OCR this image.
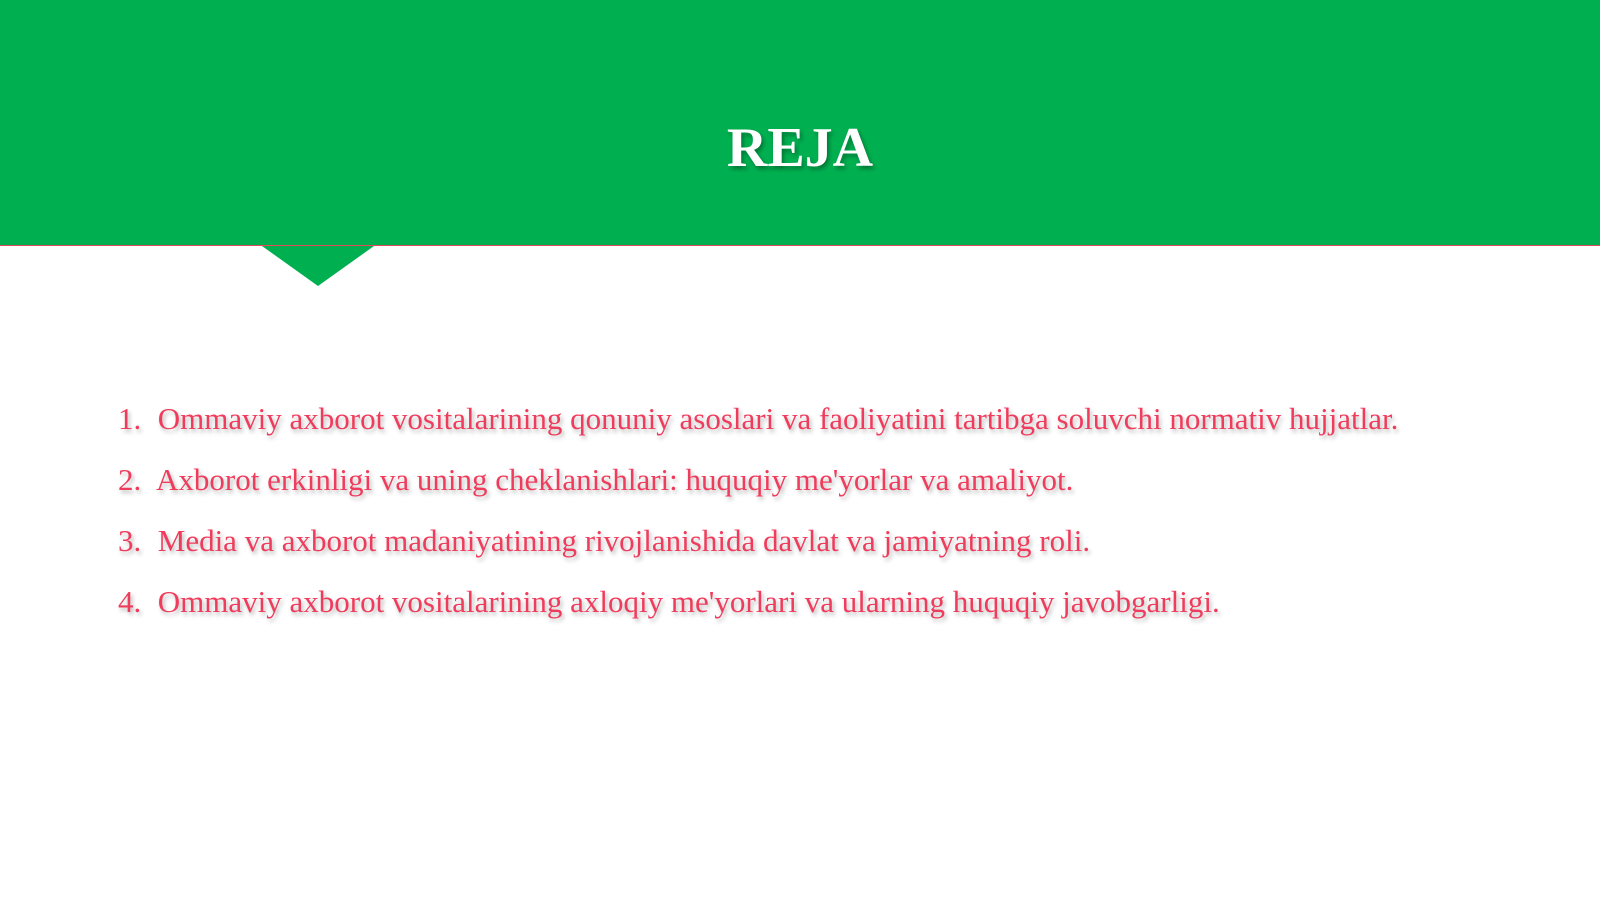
REJA
1. Ommaviy axborot vositalarining qonuniy asoslari va faoliyatini tartibga soluvchi normativ hujjatlar.
2. Axborot erkinligi va uning cheklanishlari: huquqiy me'yorlar va amaliyot.
3. Media va axborot madaniyatining rivojlanishida davlat va jamiyatning roli.
4. Ommaviy axborot vositalarining axloqiy me'yorlari va ularning huquqiy javobgarligi.
